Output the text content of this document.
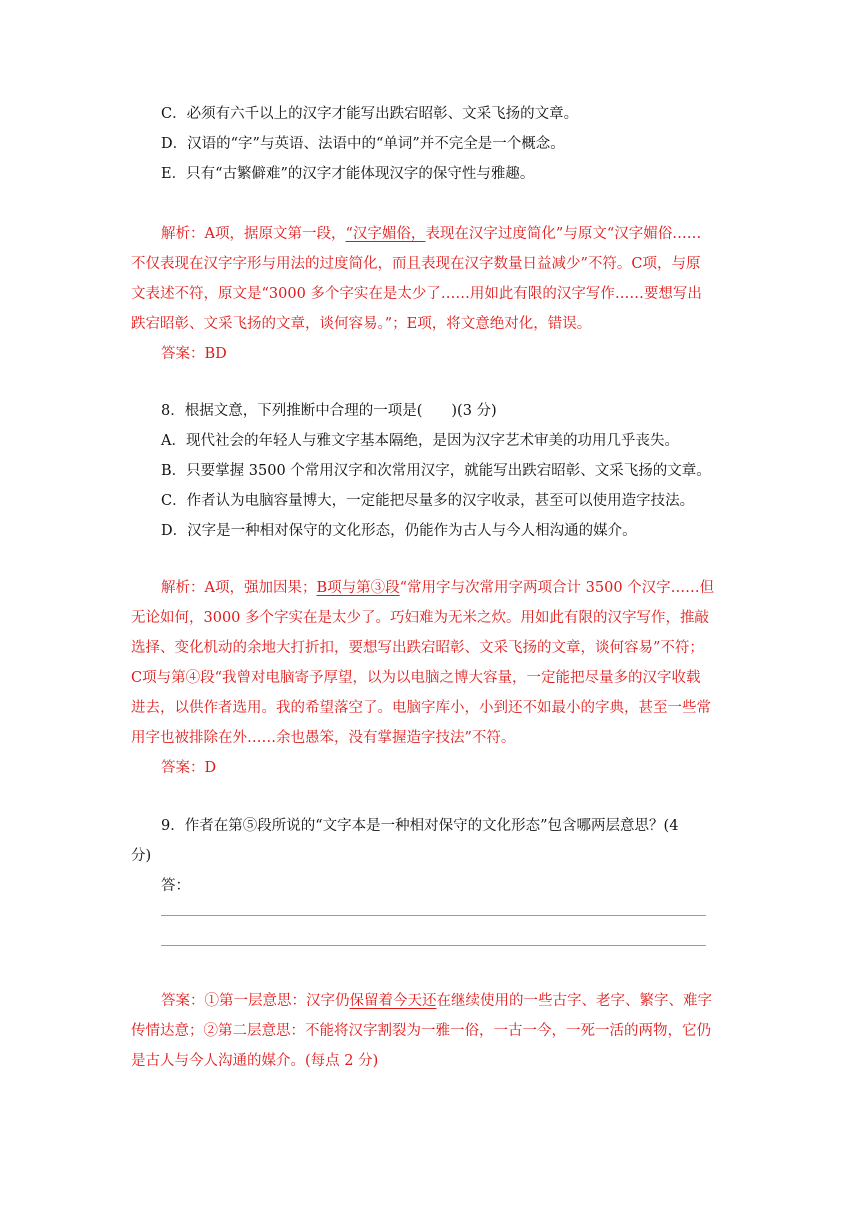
C．必须有六千以上的汉字才能写出跌宕昭彰、文采飞扬的文章。
D．汉语的“字”与英语、法语中的“单词”并不完全是一个概念。
E．只有“古繁僻难”的汉字才能体现汉字的保守性与雅趣。
解析：A项，据原文第一段，“汉字媚俗，表现在汉字过度简化”与原文“汉字媚俗……
不仅表现在汉字字形与用法的过度简化，而且表现在汉字数量日益减少”不符。C项，与原
文表述不符，原文是“3000 多个字实在是太少了……用如此有限的汉字写作……要想写出
跌宕昭彰、文采飞扬的文章，谈何容易。”；E项，将文意绝对化，错误。
答案：BD
8．根据文意，下列推断中合理的一项是(　　)(3 分)
A．现代社会的年轻人与雅文字基本隔绝，是因为汉字艺术审美的功用几乎丧失。
B．只要掌握 3500 个常用汉字和次常用汉字，就能写出跌宕昭彰、文采飞扬的文章。
C．作者认为电脑容量博大，一定能把尽量多的汉字收录，甚至可以使用造字技法。
D．汉字是一种相对保守的文化形态，仍能作为古人与今人相沟通的媒介。
解析：A项，强加因果；B项与第③段“常用字与次常用字两项合计 3500 个汉字……但
无论如何，3000 多个字实在是太少了。巧妇难为无米之炊。用如此有限的汉字写作，推敲
选择、变化机动的余地大打折扣，要想写出跌宕昭彰、文采飞扬的文章，谈何容易”不符；
C项与第④段“我曾对电脑寄予厚望，以为以电脑之博大容量，一定能把尽量多的汉字收载
进去，以供作者选用。我的希望落空了。电脑字库小，小到还不如最小的字典，甚至一些常
用字也被排除在外……余也愚笨，没有掌握造字技法”不符。
答案：D
9．作者在第⑤段所说的“文字本是一种相对保守的文化形态”包含哪两层意思？(4
分)
答：
答案：①第一层意思：汉字仍保留着今天还在继续使用的一些古字、老字、繁字、难字
传情达意；②第二层意思：不能将汉字割裂为一雅一俗，一古一今，一死一活的两物，它仍
是古人与今人沟通的媒介。(每点 2 分)
